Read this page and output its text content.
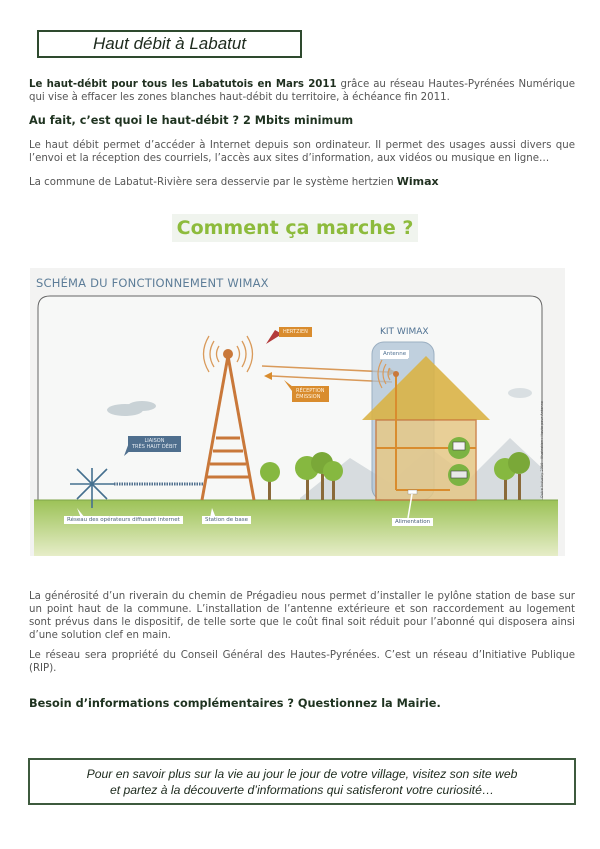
Haut débit à Labatut

Le haut-débit pour tous les Labatutois en Mars 2011 grâce au réseau Hautes-Pyrénées Numérique qui vise à effacer les zones blanches haut-débit du territoire, à échéance fin 2011.

Au fait, c’est quoi le haut-débit ? 2 Mbits minimum

Le haut débit permet d’accéder à Internet depuis son ordinateur. Il permet des usages aussi divers que l’envoi et la réception des courriels, l’accès aux sites d’information, aux vidéos ou musique en ligne…

La commune de Labatut-Rivière sera desservie par le système hertzien Wimax

Comment ça marche ?
SCHÉMA DU FONCTIONNEMENT WIMAX
HERTZIEN
RÉCEPTION
ÉMISSION
LIAISON
TRÈS HAUT DÉBIT
KIT WIMAX
Antenne
Réseau des opérateurs diffusant internet	Station de base	Alimentation
Outre Industry 2010 – Illustration : Haute pour Antenne

La générosité d’un riverain du chemin de Prégadieu nous permet d’installer le pylône station de base sur un point haut de la commune. L’installation de l’antenne extérieure et son raccordement au logement sont prévus dans le dispositif, de telle sorte que le coût final soit réduit pour l’abonné qui disposera ainsi d’une solution clef en main.

Le réseau sera propriété du Conseil Général des Hautes-Pyrénées. C’est un réseau d’Initiative Publique (RIP).

Besoin d’informations complémentaires ? Questionnez la Mairie.
Pour en savoir plus sur la vie au jour le jour de votre village, visitez son site web
et partez à la découverte d’informations qui satisferont votre curiosité…
